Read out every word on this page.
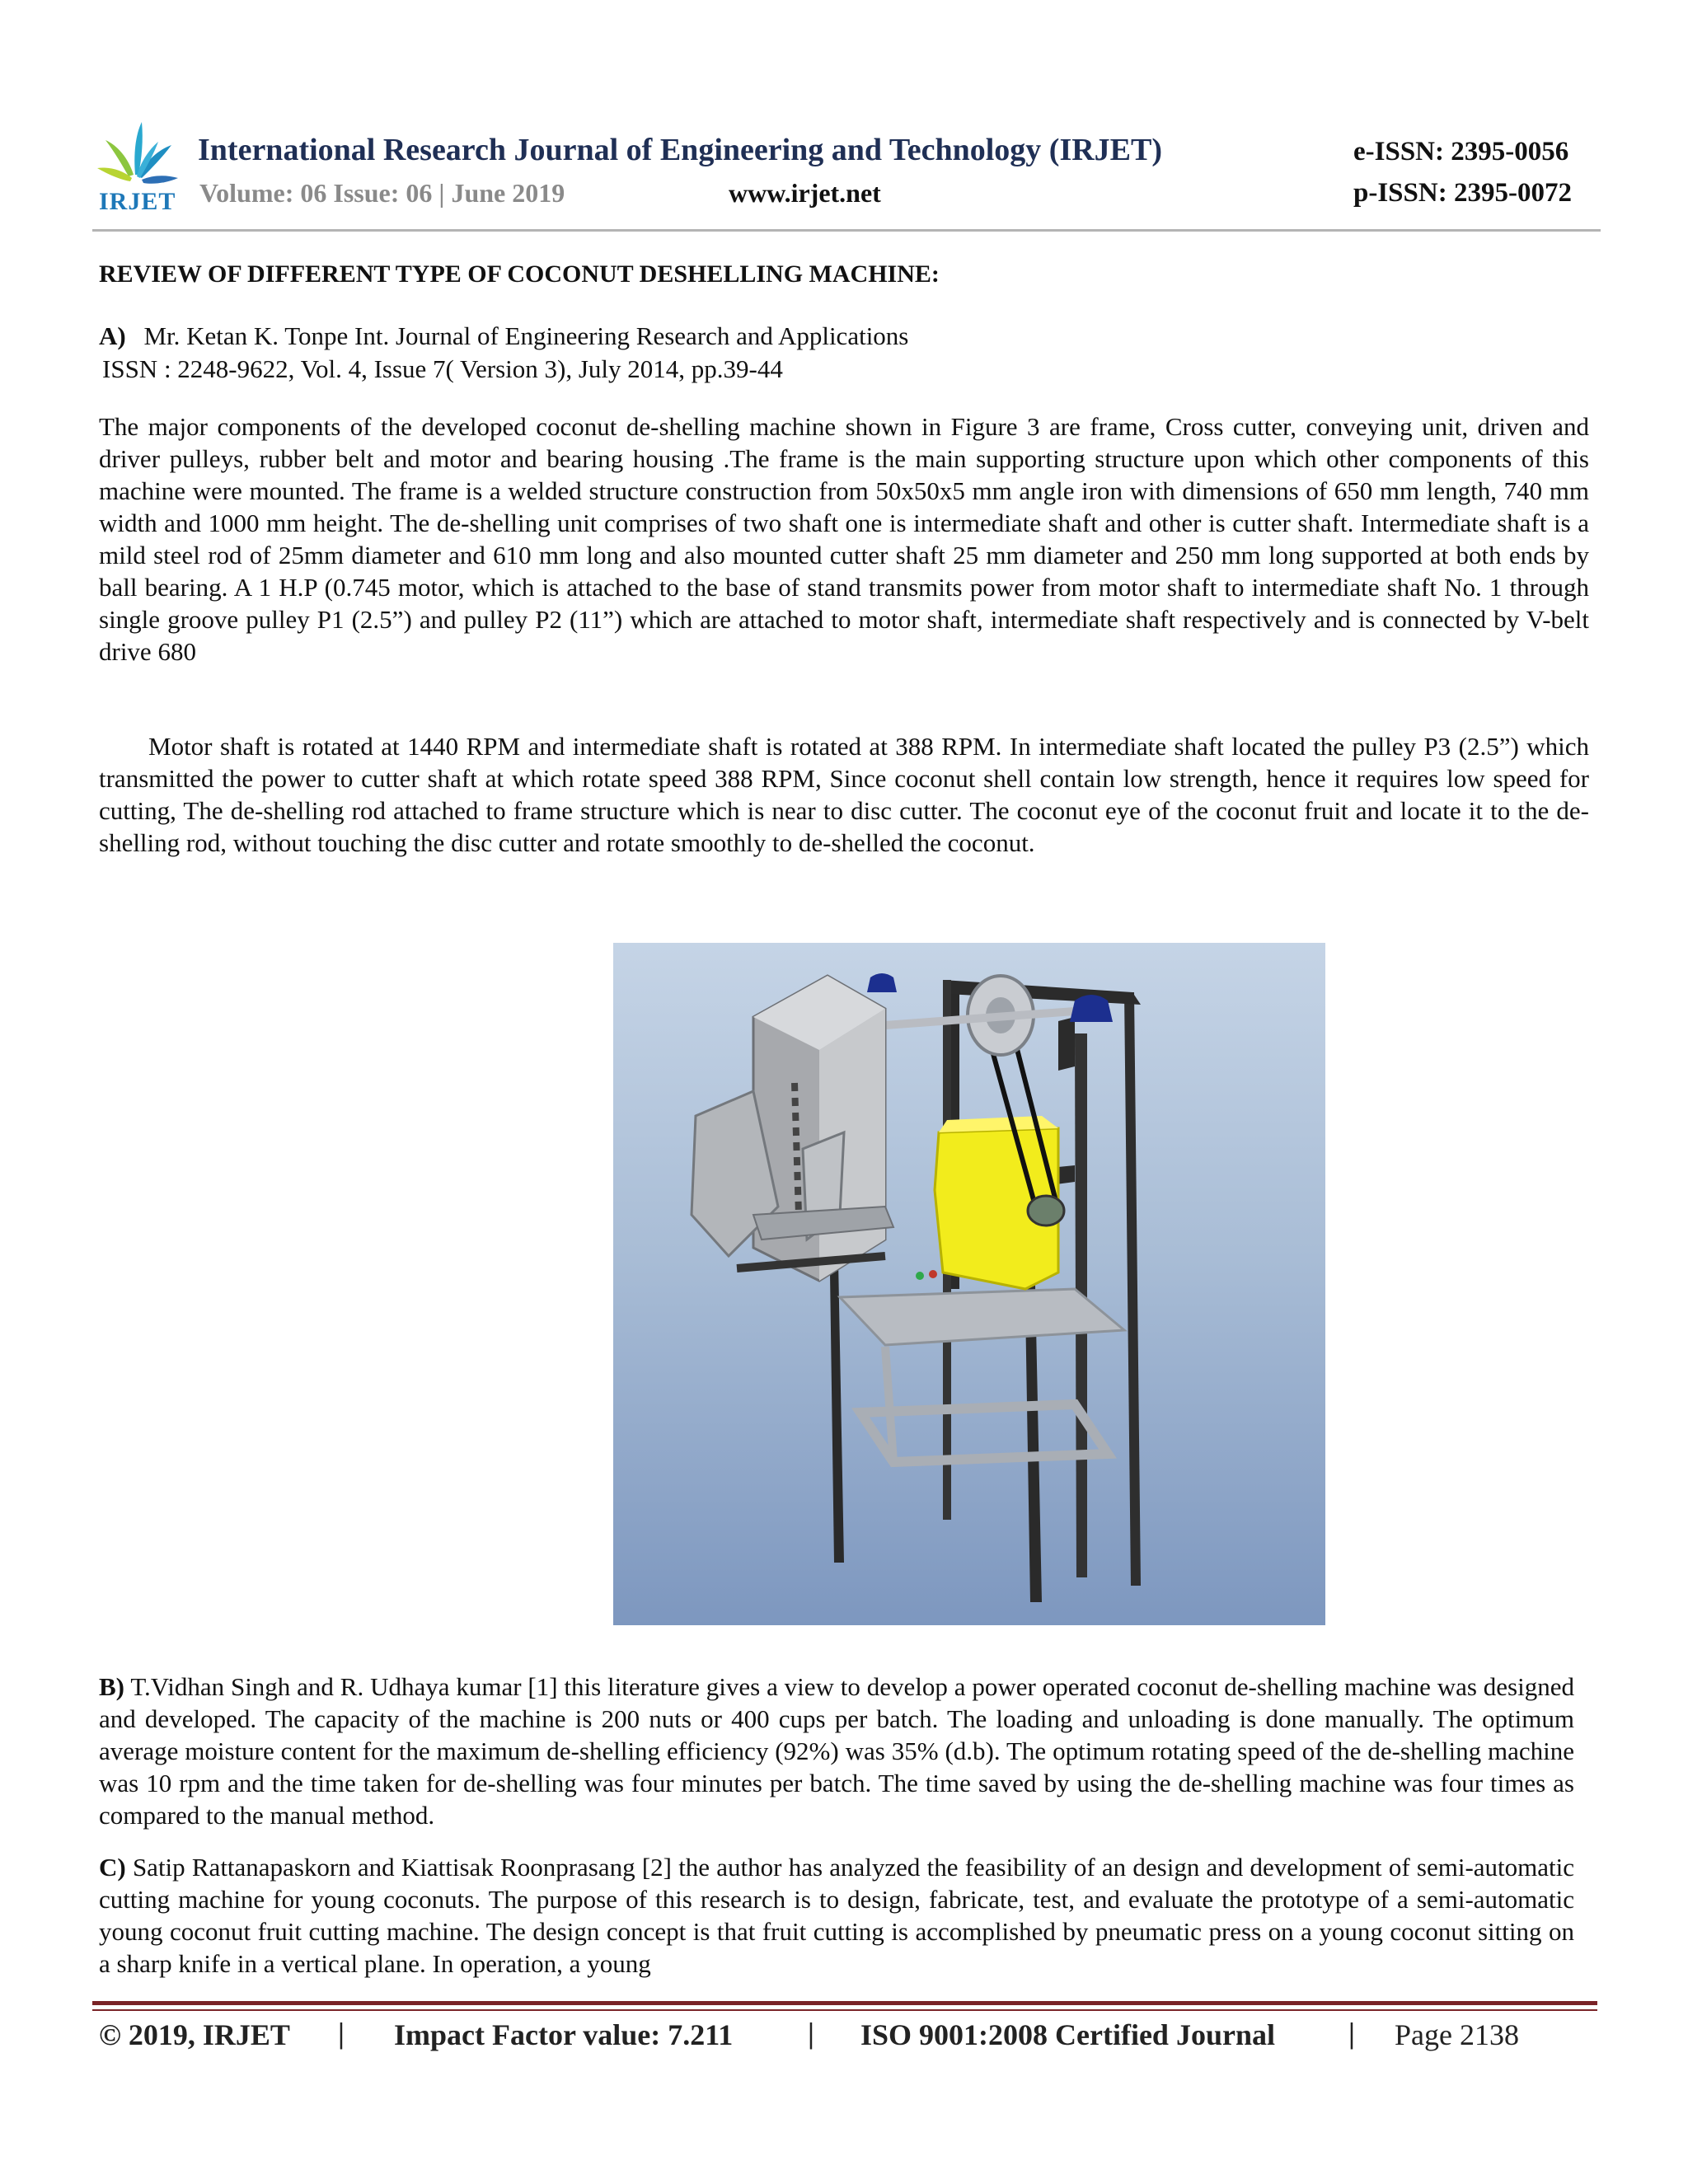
IRJET
International Research Journal of Engineering and Technology (IRJET)
Volume: 06 Issue: 06 | June 2019	www.irjet.net
e-ISSN: 2395-0056
p-ISSN: 2395-0072
REVIEW OF DIFFERENT TYPE OF COCONUT DESHELLING MACHINE:
A) Mr. Ketan K. Tonpe Int. Journal of Engineering Research and Applications
ISSN : 2248-9622, Vol. 4, Issue 7( Version 3), July 2014, pp.39-44

The major components of the developed coconut de-shelling machine shown in Figure 3 are frame, Cross cutter, conveying unit, driven and driver pulleys, rubber belt and motor and bearing housing .The frame is the main supporting structure upon which other components of this machine were mounted. The frame is a welded structure construction from 50x50x5 mm angle iron with dimensions of 650 mm length, 740 mm width and 1000 mm height. The de-shelling unit comprises of two shaft one is intermediate shaft and other is cutter shaft. Intermediate shaft is a mild steel rod of 25mm diameter and 610 mm long and also mounted cutter shaft 25 mm diameter and 250 mm long supported at both ends by ball bearing. A 1 H.P (0.745 motor, which is attached to the base of stand transmits power from motor shaft to intermediate shaft No. 1 through single groove pulley P1 (2.5”) and pulley P2 (11”) which are attached to motor shaft, intermediate shaft respectively and is connected by V-belt drive 680

Motor shaft is rotated at 1440 RPM and intermediate shaft is rotated at 388 RPM. In intermediate shaft located the pulley P3 (2.5”) which transmitted the power to cutter shaft at which rotate speed 388 RPM, Since coconut shell contain low strength, hence it requires low speed for cutting, The de-shelling rod attached to frame structure which is near to disc cutter. The coconut eye of the coconut fruit and locate it to the de-shelling rod, without touching the disc cutter and rotate smoothly to de-shelled the coconut.

B) T.Vidhan Singh and R. Udhaya kumar [1] this literature gives a view to develop a power operated coconut de-shelling machine was designed and developed. The capacity of the machine is 200 nuts or 400 cups per batch. The loading and unloading is done manually. The optimum average moisture content for the maximum de-shelling efficiency (92%) was 35% (d.b). The optimum rotating speed of the de-shelling machine was 10 rpm and the time taken for de-shelling was four minutes per batch. The time saved by using the de-shelling machine was four times as compared to the manual method.

C) Satip Rattanapaskorn and Kiattisak Roonprasang [2] the author has analyzed the feasibility of an design and development of semi-automatic cutting machine for young coconuts. The purpose of this research is to design, fabricate, test, and evaluate the prototype of a semi-automatic young coconut fruit cutting machine. The design concept is that fruit cutting is accomplished by pneumatic press on a young coconut sitting on a sharp knife in a vertical plane. In operation, a young

© 2019, IRJET | Impact Factor value: 7.211	| ISO 9001:2008 Certified Journal | Page 2138
